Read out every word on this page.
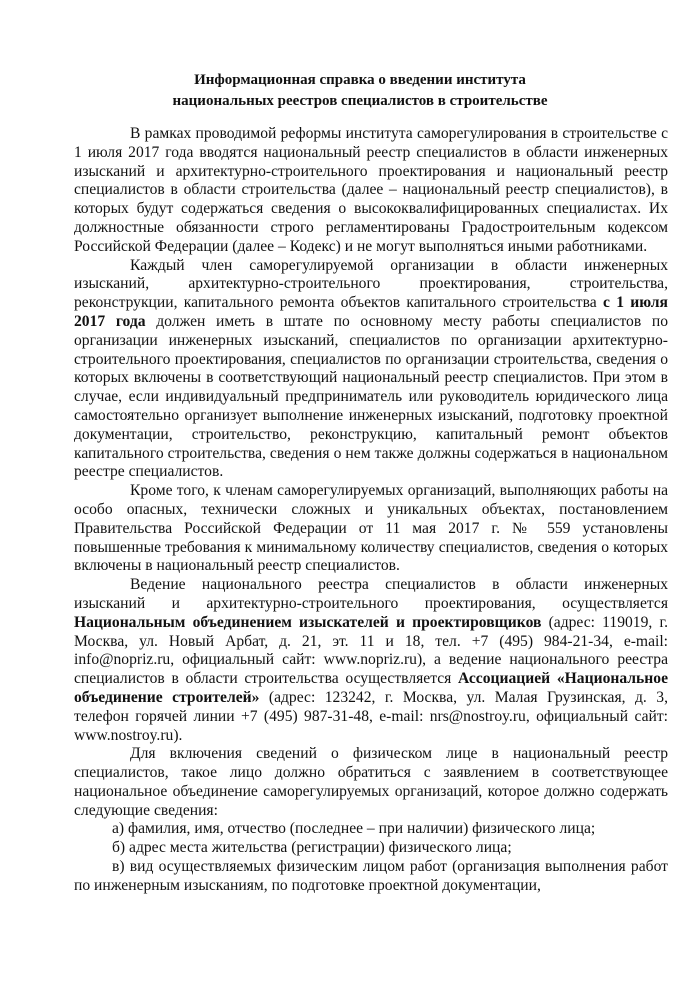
Информационная справка о введении института
национальных реестров специалистов в строительстве

В рамках проводимой реформы института саморегулирования в строительстве с 1 июля 2017 года вводятся национальный реестр специалистов в области инженерных изысканий и архитектурно-строительного проектирования и национальный реестр специалистов в области строительства (далее – национальный реестр специалистов), в которых будут содержаться сведения о высококвалифицированных специалистах. Их должностные обязанности строго регламентированы Градостроительным кодексом Российской Федерации (далее – Кодекс) и не могут выполняться иными работниками.

Каждый член саморегулируемой организации в области инженерных изысканий, архитектурно-строительного проектирования, строительства, реконструкции, капитального ремонта объектов капитального строительства с 1 июля 2017 года должен иметь в штате по основному месту работы специалистов по организации инженерных изысканий, специалистов по организации архитектурно-строительного проектирования, специалистов по организации строительства, сведения о которых включены в соответствующий национальный реестр специалистов. При этом в случае, если индивидуальный предприниматель или руководитель юридического лица самостоятельно организует выполнение инженерных изысканий, подготовку проектной документации, строительство, реконструкцию, капитальный ремонт объектов капитального строительства, сведения о нем также должны содержаться в национальном реестре специалистов.

Кроме того, к членам саморегулируемых организаций, выполняющих работы на особо опасных, технически сложных и уникальных объектах, постановлением Правительства Российской Федерации от 11 мая 2017 г. № 559 установлены повышенные требования к минимальному количеству специалистов, сведения о которых включены в национальный реестр специалистов.

Ведение национального реестра специалистов в области инженерных изысканий и архитектурно-строительного проектирования, осуществляется Национальным объединением изыскателей и проектировщиков (адрес: 119019, г. Москва, ул. Новый Арбат, д. 21, эт. 11 и 18, тел. +7 (495) 984-21-34, e-mail: info@nopriz.ru, официальный сайт: www.nopriz.ru), а ведение национального реестра специалистов в области строительства осуществляется Ассоциацией «Национальное объединение строителей» (адрес: 123242, г. Москва, ул. Малая Грузинская, д. 3, телефон горячей линии +7 (495) 987-31-48, e-mail: nrs@nostroy.ru, официальный сайт: www.nostroy.ru).

Для включения сведений о физическом лице в национальный реестр специалистов, такое лицо должно обратиться с заявлением в соответствующее национальное объединение саморегулируемых организаций, которое должно содержать следующие сведения:

а) фамилия, имя, отчество (последнее – при наличии) физического лица;

б) адрес места жительства (регистрации) физического лица;

в) вид осуществляемых физическим лицом работ (организация выполнения работ по инженерным изысканиям, по подготовке проектной документации,
